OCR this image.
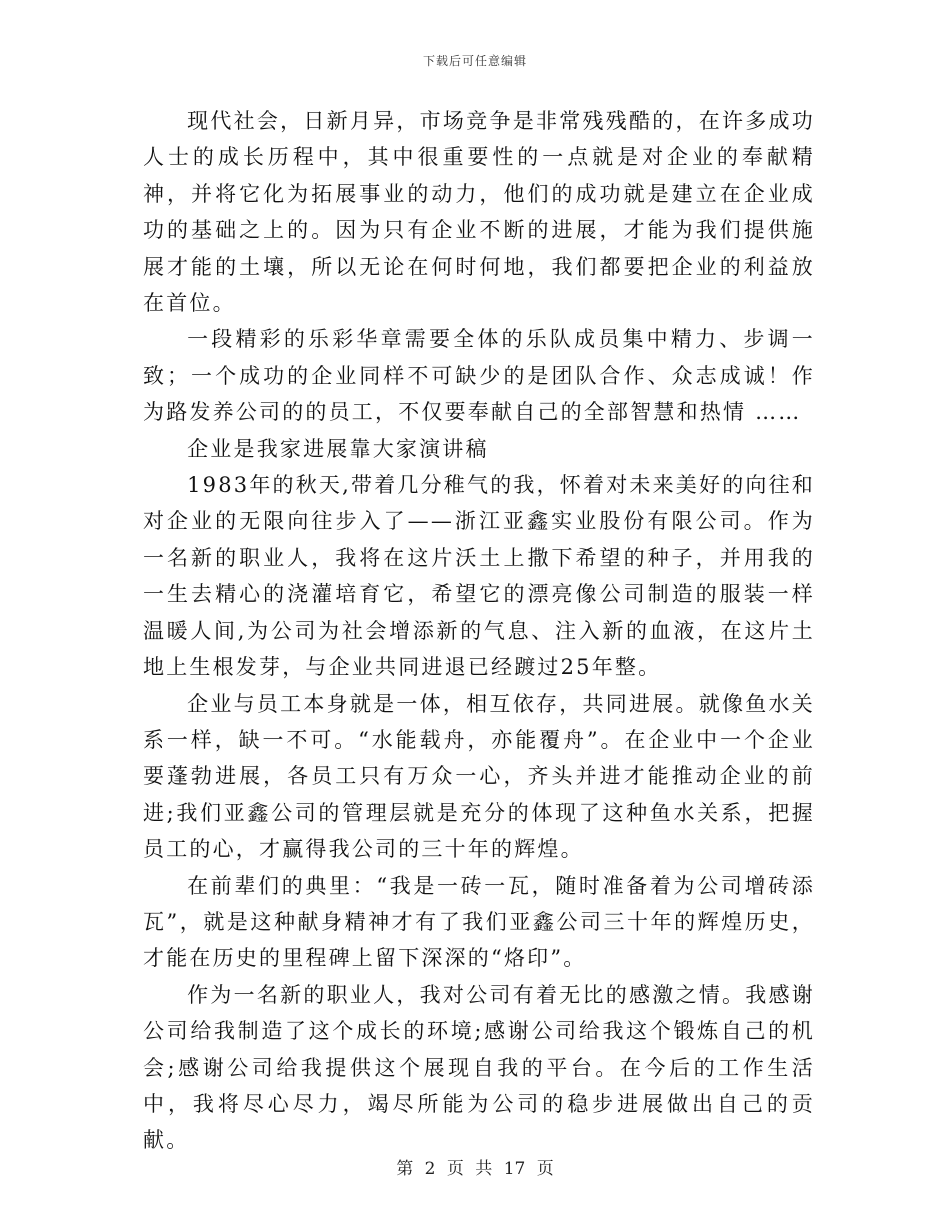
下载后可任意编辑

现代社会，日新月异，市场竞争是非常残残酷的，在许多成功人士的成长历程中，其中很重要性的一点就是对企业的奉献精神，并将它化为拓展事业的动力，他们的成功就是建立在企业成功的基础之上的。因为只有企业不断的进展，才能为我们提供施展才能的土壤，所以无论在何时何地，我们都要把企业的利益放在首位。

一段精彩的乐彩华章需要全体的乐队成员集中精力、步调一致；一个成功的企业同样不可缺少的是团队合作、众志成诚！作为路发养公司的的员工，不仅要奉献自己的全部智慧和热情 ……

企业是我家进展靠大家演讲稿

1983年的秋天,带着几分稚气的我，怀着对未来美好的向往和对企业的无限向往步入了——浙江亚鑫实业股份有限公司。作为一名新的职业人，我将在这片沃土上撒下希望的种子，并用我的一生去精心的浇灌培育它，希望它的漂亮像公司制造的服装一样温暖人间,为公司为社会增添新的气息、注入新的血液，在这片土地上生根发芽，与企业共同进退已经踱过25年整。

企业与员工本身就是一体，相互依存，共同进展。就像鱼水关系一样，缺一不可。“水能载舟，亦能覆舟”。在企业中一个企业要蓬勃进展，各员工只有万众一心，齐头并进才能推动企业的前进;我们亚鑫公司的管理层就是充分的体现了这种鱼水关系，把握员工的心，才赢得我公司的三十年的辉煌。

在前辈们的典里：“我是一砖一瓦，随时准备着为公司增砖添瓦”，就是这种献身精神才有了我们亚鑫公司三十年的辉煌历史，才能在历史的里程碑上留下深深的“烙印”。

作为一名新的职业人，我对公司有着无比的感激之情。我感谢公司给我制造了这个成长的环境;感谢公司给我这个锻炼自己的机会;感谢公司给我提供这个展现自我的平台。在今后的工作生活中，我将尽心尽力，竭尽所能为公司的稳步进展做出自己的贡献。

第 2 页 共 17 页
